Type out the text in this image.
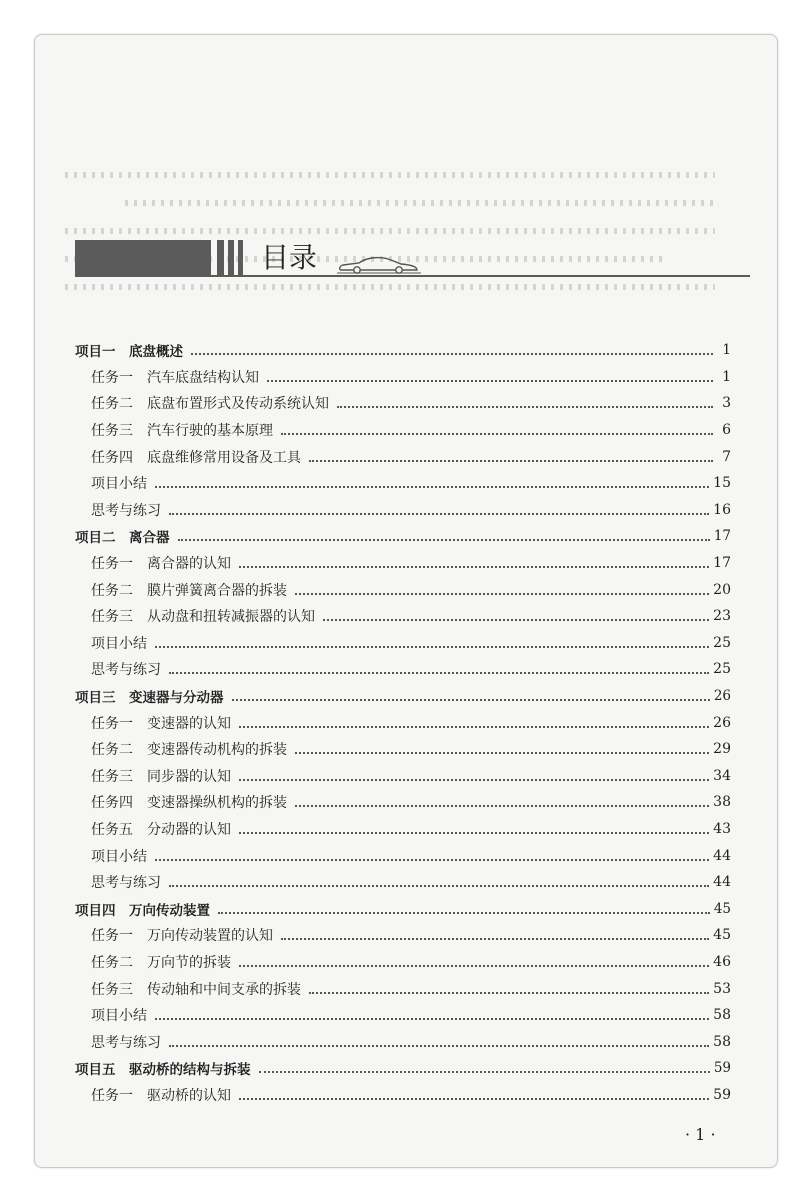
目录
项目一　底盘概述	1
任务一　汽车底盘结构认知	1
任务二　底盘布置形式及传动系统认知	3
任务三　汽车行驶的基本原理	6
任务四　底盘维修常用设备及工具	7
项目小结	15
思考与练习	16
项目二　离合器	17
任务一　离合器的认知	17
任务二　膜片弹簧离合器的拆装	20
任务三　从动盘和扭转减振器的认知	23
项目小结	25
思考与练习	25
项目三　变速器与分动器	26
任务一　变速器的认知	26
任务二　变速器传动机构的拆装	29
任务三　同步器的认知	34
任务四　变速器操纵机构的拆装	38
任务五　分动器的认知	43
项目小结	44
思考与练习	44
项目四　万向传动装置	45
任务一　万向传动装置的认知	45
任务二　万向节的拆装	46
任务三　传动轴和中间支承的拆装	53
项目小结	58
思考与练习	58
项目五　驱动桥的结构与拆装	59
任务一　驱动桥的认知	59
· 1 ·
